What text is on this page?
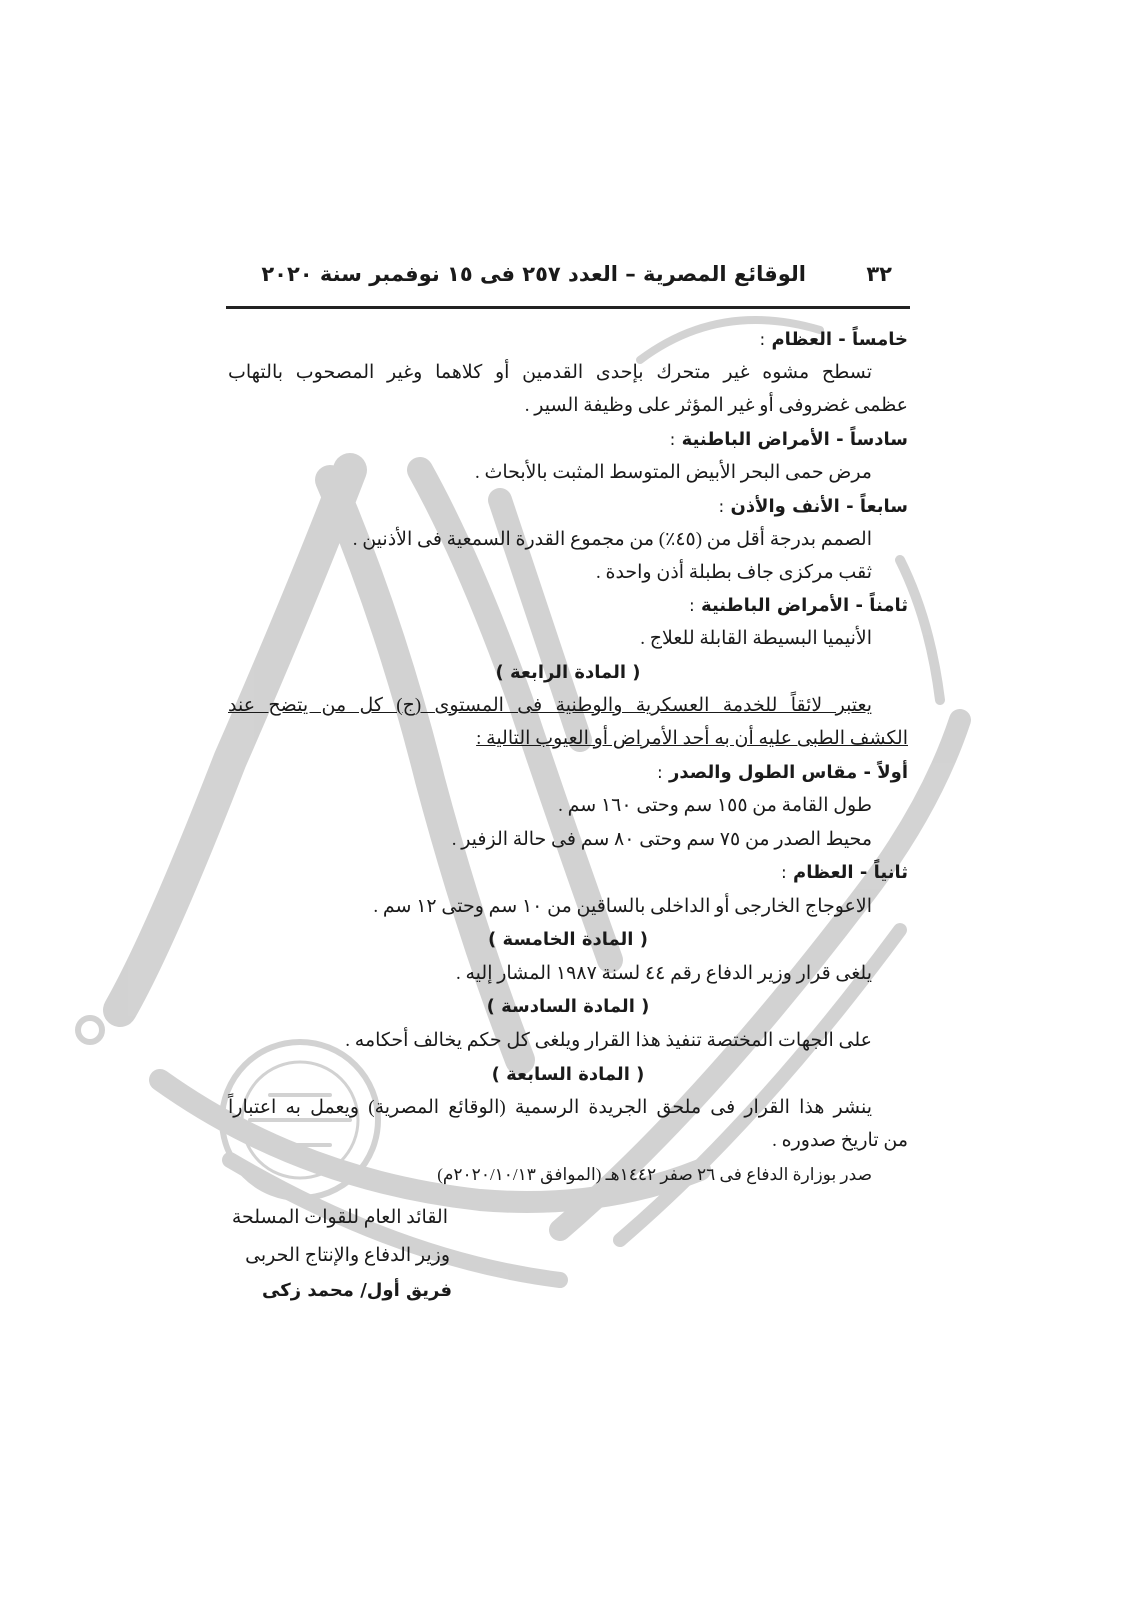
٣٢
الوقائع المصرية – العدد ٢٥٧ فى ١٥ نوفمبر سنة ٢٠٢٠
خامساً - العظام :
تسطح مشوه غير متحرك بإحدى القدمين أو كلاهما وغير المصحوب بالتهاب
عظمى غضروفى أو غير المؤثر على وظيفة السير .
سادساً - الأمراض الباطنية :
مرض حمى البحر الأبيض المتوسط المثبت بالأبحاث .
سابعاً - الأنف والأذن :
الصمم بدرجة أقل من (٤٥٪) من مجموع القدرة السمعية فى الأذنين .
ثقب مركزى جاف بطبلة أذن واحدة .
ثامناً - الأمراض الباطنية :
الأنيميا البسيطة القابلة للعلاج .
( المادة الرابعة )
يعتبر لائقاً للخدمة العسكرية والوطنية فى المستوى (ج) كل من يتضح عند
الكشف الطبى عليه أن به أحد الأمراض أو العيوب التالية :
أولاً - مقاس الطول والصدر :
طول القامة من ١٥٥ سم وحتى ١٦٠ سم .
محيط الصدر من ٧٥ سم وحتى ٨٠ سم فى حالة الزفير .
ثانياً - العظام :
الاعوجاج الخارجى أو الداخلى بالساقين من ١٠ سم وحتى ١٢ سم .
( المادة الخامسة )
يلغى قرار وزير الدفاع رقم ٤٤ لسنة ١٩٨٧ المشار إليه .
( المادة السادسة )
على الجهات المختصة تنفيذ هذا القرار ويلغى كل حكم يخالف أحكامه .
( المادة السابعة )
ينشر هذا القرار فى ملحق الجريدة الرسمية (الوقائع المصرية) ويعمل به اعتباراً
من تاريخ صدوره .
صدر بوزارة الدفاع فى ٢٦ صفر ١٤٤٢هـ (الموافق ٢٠٢٠/١٠/١٣م)
القائد العام للقوات المسلحة
وزير الدفاع والإنتاج الحربى
فريق أول/ محمد زكى
